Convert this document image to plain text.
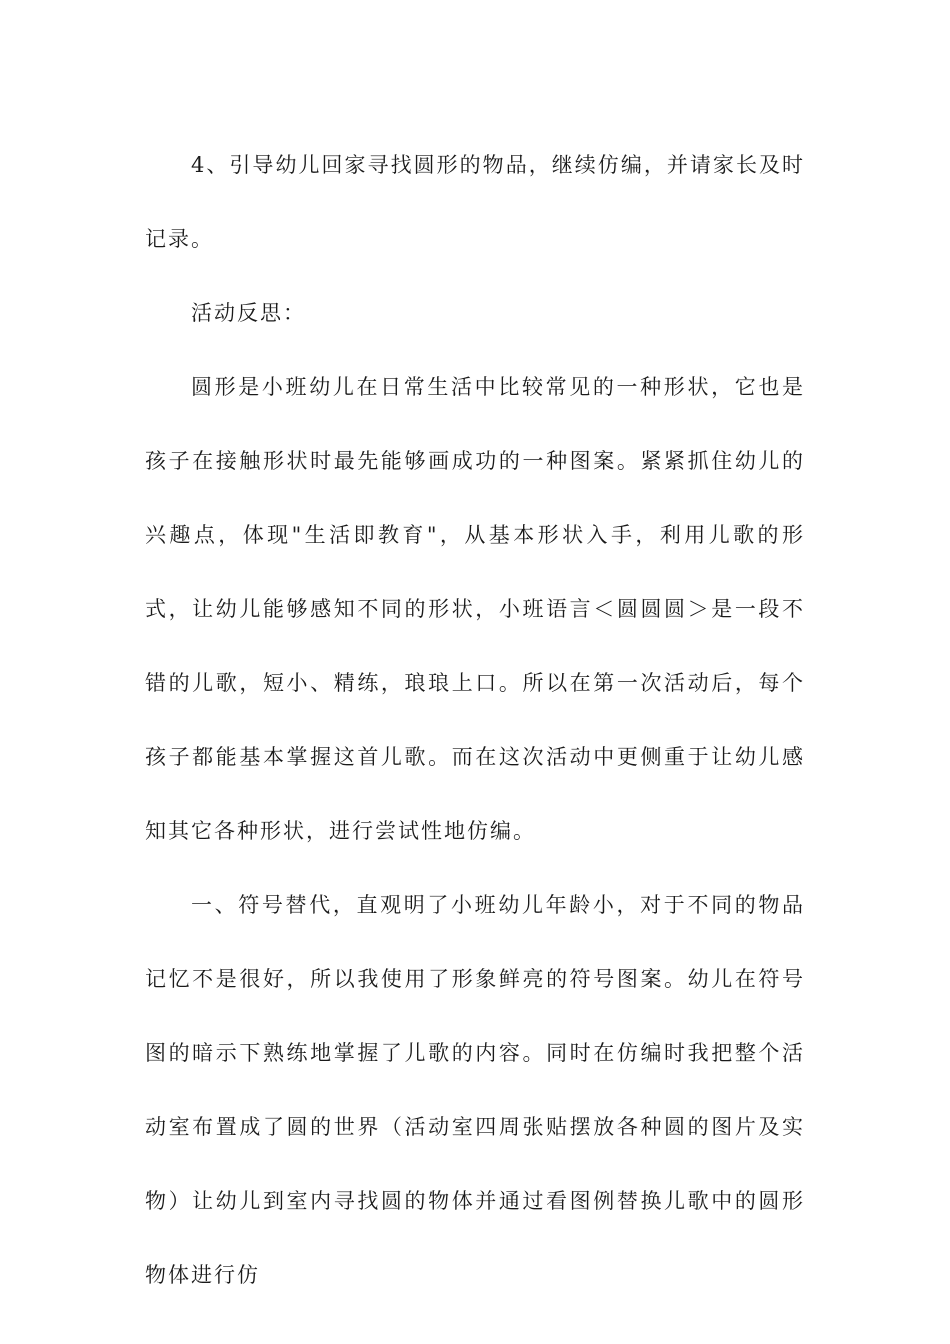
4、引导幼儿回家寻找圆形的物品，继续仿编，并请家长及时记录。

活动反思：

圆形是小班幼儿在日常生活中比较常见的一种形状，它也是孩子在接触形状时最先能够画成功的一种图案。紧紧抓住幼儿的兴趣点，体现"生活即教育"，从基本形状入手，利用儿歌的形式，让幼儿能够感知不同的形状，小班语言＜圆圆圆＞是一段不错的儿歌，短小、精练，琅琅上口。所以在第一次活动后，每个孩子都能基本掌握这首儿歌。而在这次活动中更侧重于让幼儿感知其它各种形状，进行尝试性地仿编。

一、符号替代，直观明了小班幼儿年龄小，对于不同的物品记忆不是很好，所以我使用了形象鲜亮的符号图案。幼儿在符号图的暗示下熟练地掌握了儿歌的内容。同时在仿编时我把整个活动室布置成了圆的世界（活动室四周张贴摆放各种圆的图片及实物）让幼儿到室内寻找圆的物体并通过看图例替换儿歌中的圆形物体进行仿
